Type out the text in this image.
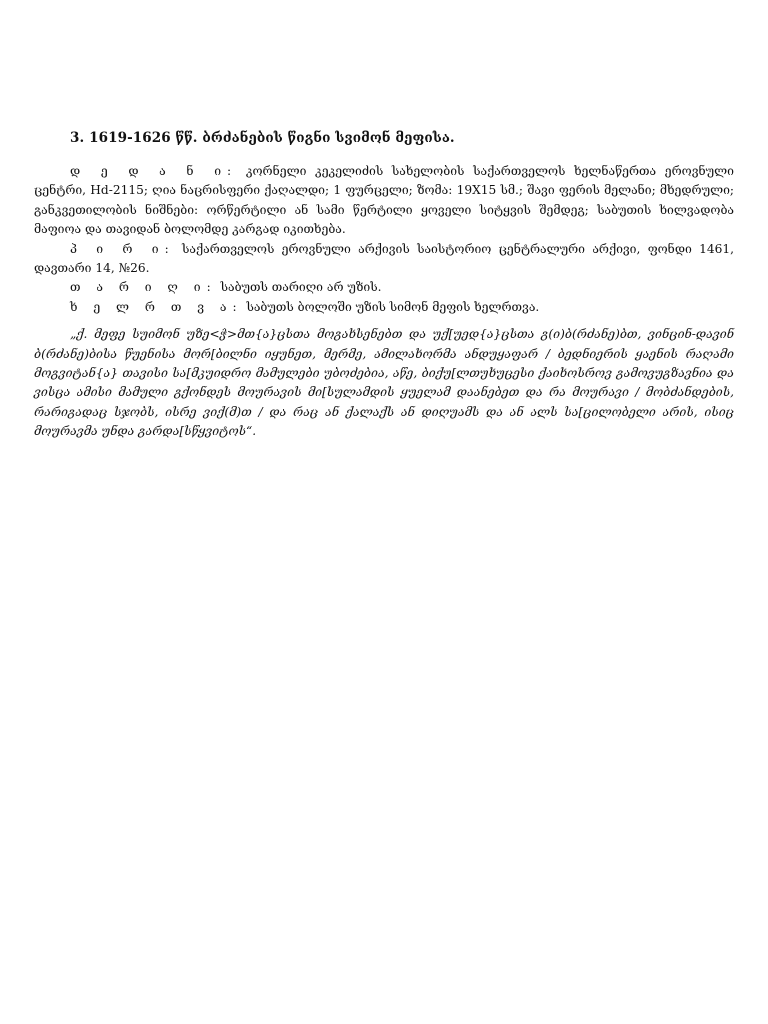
3. 1619-1626 წწ. ბრძანების წიგნი სვიმონ მეფისა.

დ ე დ ა ნ ი: კორნელი კეკელიძის სახელობის საქართველოს ხელნაწერთა ეროვნული ცენტრი, Hd-2115; ღია ნაცრისფერი ქაღალდი; 1 ფურცელი; ზომა: 19X15 სმ.; შავი ფერის მელანი; მხედრული; განკვეთილობის ნიშნები: ორწერტილი ან სამი წერტილი ყოველი სიტყვის შემდეგ; საბუთის ხილვადობა მაფიოა და თავიდან ბოლომდე კარგად იკითხება.

პ ი რ ი: საქართველოს ეროვნული არქივის საისტორიო ცენტრალური არქივი, ფონდი 1461, დავთარი 14, №26.

თ ა რ ი ღ ი: საბუთს თარიღი არ უზის.

ხ ე ლ რ თ ვ ა: საბუთს ბოლოში უზის სიმონ მეფის ხელრთვა.

„ქ. მეფე სუიმონ უზე<ჭ>მთ{ა}ცსთა მოგახსენებთ და უქ[უედ{ა}ცსთა გ(ი)ბ(რძანე)ბთ, ვინცინ-დავინ ბ(რძანე)ბისა წუენისა მორ[ბილნი იყუნეთ, მერმე, ამილახორმა ანდუყაფარ / ბედნიერის ყაენის რაღამი მოგვიტან{ა} თავისი სა[მკუიდრო მამულები უბოძებია, აწე, ბიქუ[ლთუხუცესი ქაიხოსროვ გამოვუგზავნია და ვისცა ამისი მამული გქონდეს მოურავის მი[სულამდის ყუელამ დაანებეთ და რა მოურავი / მობძანდების, რარიგადაც სჯობს, ისრე ვიქ(მ)თ / და რაც ან ქალაქს ან დიღუამს და ან ალს სა[ცილობელი არის, ისიც მოურავმა უნდა გარდა[სწყვიტოს“.
